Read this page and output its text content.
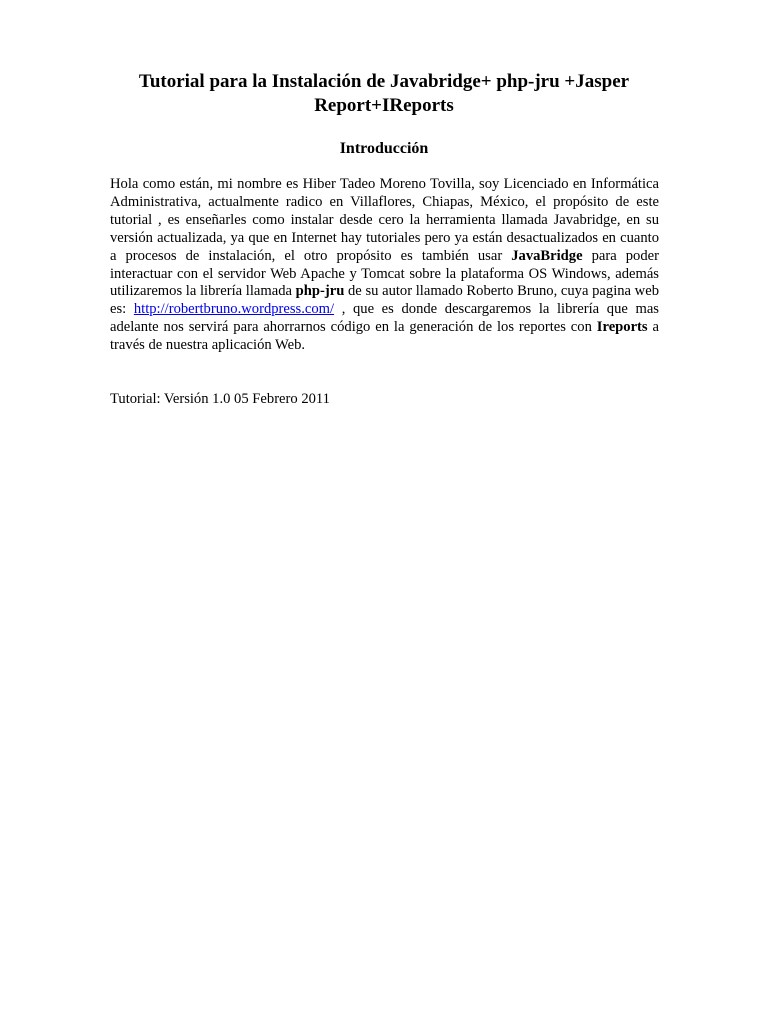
Tutorial para la Instalación de Javabridge+ php-jru +Jasper
Report+IReports
Introducción
Hola como están, mi nombre es Hiber Tadeo Moreno Tovilla, soy Licenciado en Informática Administrativa, actualmente radico en Villaflores, Chiapas, México, el propósito de este tutorial , es enseñarles como instalar desde cero la herramienta llamada Javabridge, en su versión actualizada, ya que en Internet hay tutoriales pero ya están desactualizados en cuanto a procesos de instalación, el otro propósito es también usar JavaBridge para poder interactuar con el servidor Web Apache y Tomcat sobre la plataforma OS Windows, además utilizaremos la librería llamada php-jru de su autor llamado Roberto Bruno, cuya pagina web es: http://robertbruno.wordpress.com/ , que es donde descargaremos la librería que mas adelante nos servirá para ahorrarnos código en la generación de los reportes con Ireports a través de nuestra aplicación Web.
Tutorial: Versión 1.0 05 Febrero 2011
